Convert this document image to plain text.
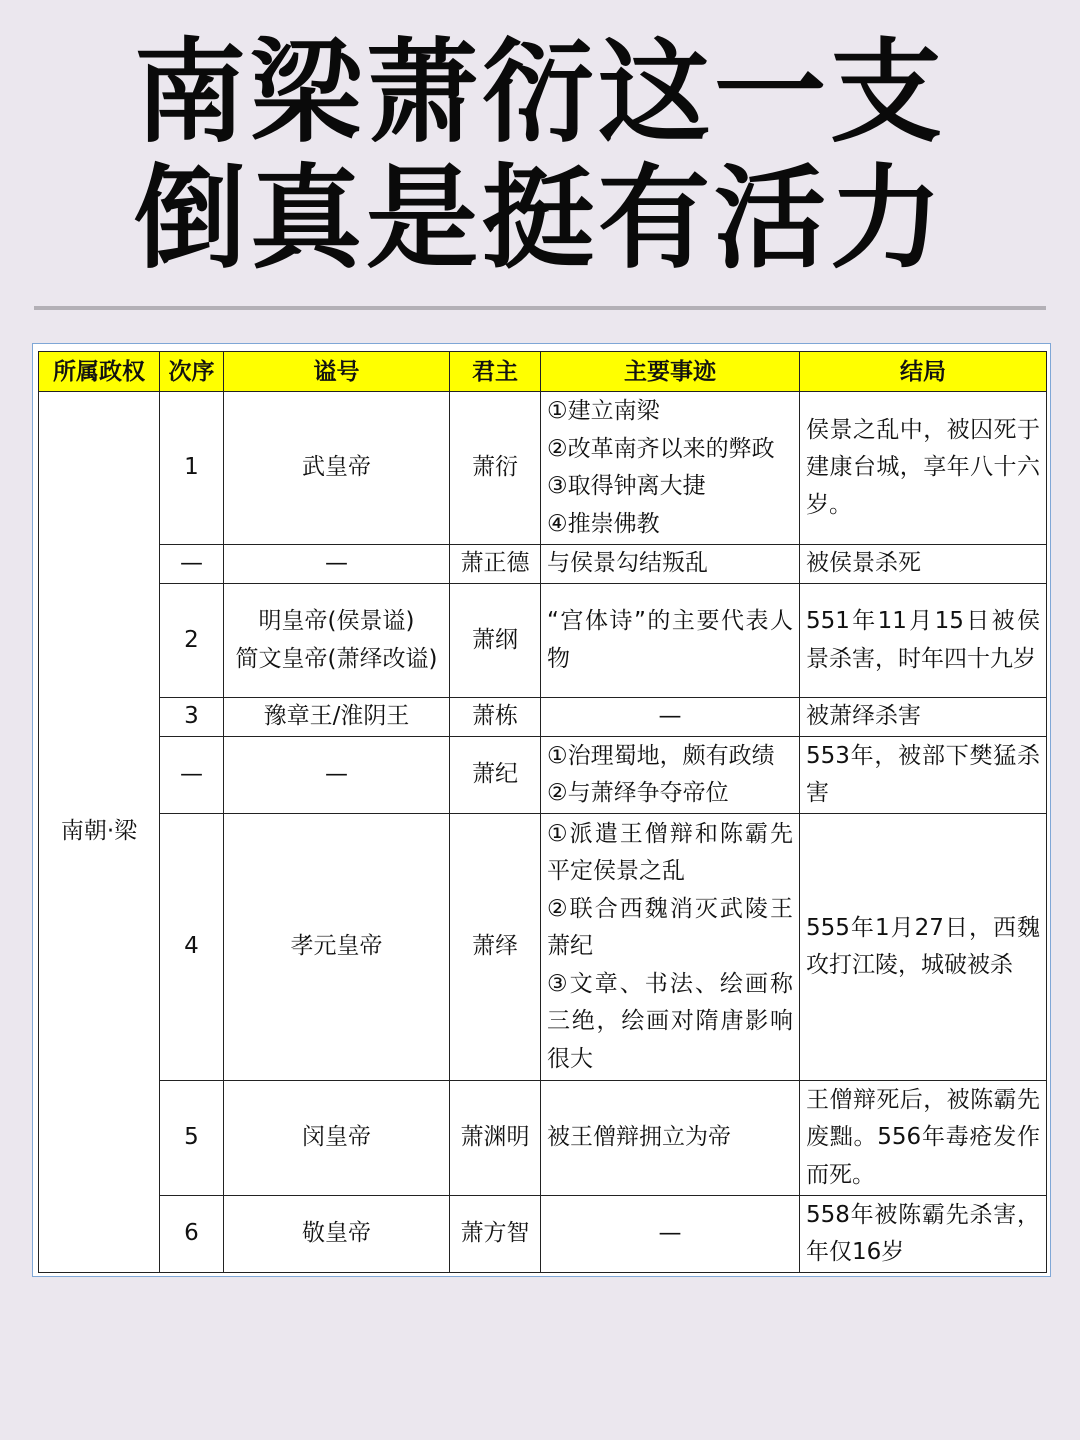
南梁萧衍这一支
倒真是挺有活力
所属政权	次序	谥号	君主	主要事迹	结局
南朝·梁	1	武皇帝	萧衍	①建立南梁
②改革南齐以来的弊政
③取得钟离大捷
④推崇佛教	侯景之乱中，被囚死于建康台城，享年八十六岁。
	—	—	萧正德	与侯景勾结叛乱	被侯景杀死
	2	明皇帝(侯景谥)
简文皇帝(萧绎改谥)	萧纲	“宫体诗”的主要代表人物	551年11月15日被侯景杀害，时年四十九岁
	3	豫章王/淮阴王	萧栋	—	被萧绎杀害
	—	—	萧纪	①治理蜀地，颇有政绩
②与萧绎争夺帝位	553年，被部下樊猛杀害
	4	孝元皇帝	萧绎	①派遣王僧辩和陈霸先平定侯景之乱
②联合西魏消灭武陵王萧纪
③文章、书法、绘画称三绝，绘画对隋唐影响很大	555年1月27日，西魏攻打江陵，城破被杀
	5	闵皇帝	萧渊明	被王僧辩拥立为帝	王僧辩死后，被陈霸先废黜。556年毒疮发作而死。
	6	敬皇帝	萧方智	—	558年被陈霸先杀害，年仅16岁
